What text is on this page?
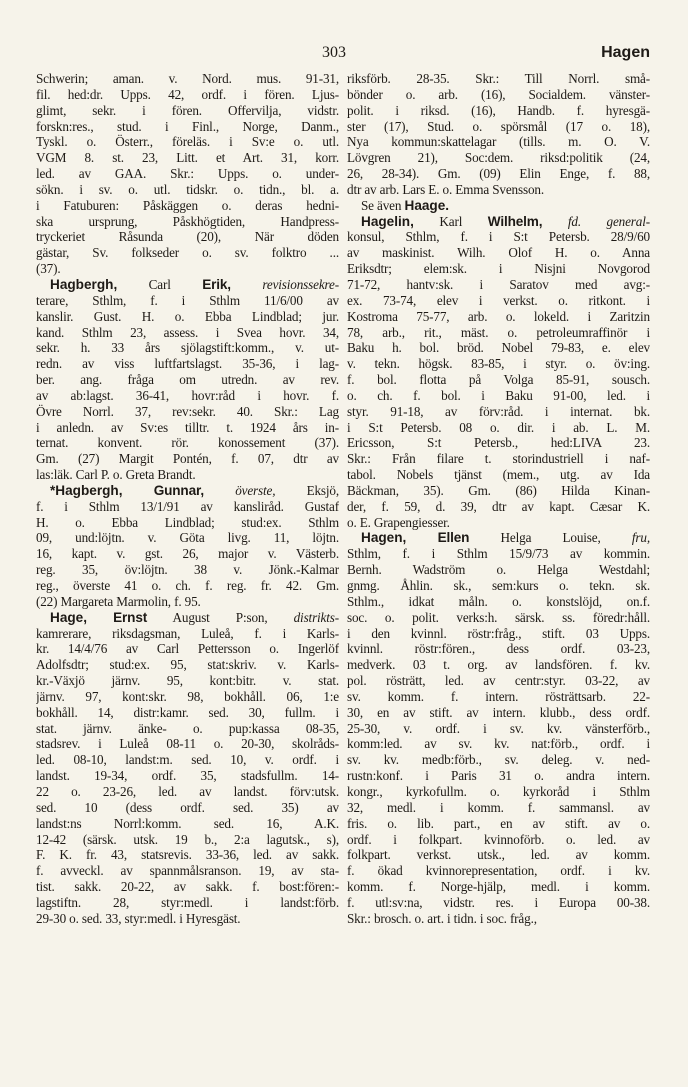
303	Hagen
Schwerin; aman. v. Nord. mus. 91-31,
fil. hed:dr. Upps. 42, ordf. i fören. Ljus-
glimt, sekr. i fören. Offervilja, vidstr.
forskn:res., stud. i Finl., Norge, Danm.,
Tyskl. o. Österr., föreläs. i Sv:e o. utl.
VGM 8. st. 23, Litt. et Art. 31, korr.
led. av GAA. Skr.: Upps. o. under-
sökn. i sv. o. utl. tidskr. o. tidn., bl. a.
i Fatuburen: Påskäggen o. deras hedni-
ska ursprung, Påskhögtiden, Handpress-
tryckeriet Råsunda (20), När döden
gästar, Sv. folkseder o. sv. folktro ...
(37).
Hagbergh, Carl Erik, revisionssekre-
terare, Sthlm, f. i Sthlm 11/6/00 av
kanslir. Gust. H. o. Ebba Lindblad; jur.
kand. Sthlm 23, assess. i Svea hovr. 34,
sekr. h. 33 års sjölagstift:komm., v. ut-
redn. av viss luftfartslagst. 35-36, i lag-
ber. ang. fråga om utredn. av rev.
av ab:lagst. 36-41, hovr:råd i hovr. f.
Övre Norrl. 37, rev:sekr. 40. Skr.: Lag
i anledn. av Sv:es tilltr. t. 1924 års in-
ternat. konvent. rör. konossement (37).
Gm. (27) Margit Pontén, f. 07, dtr av
las:läk. Carl P. o. Greta Brandt.
*Hagbergh, Gunnar, överste, Eksjö,
f. i Sthlm 13/1/91 av kansliråd. Gustaf
H. o. Ebba Lindblad; stud:ex. Sthlm
09, und:löjtn. v. Göta livg. 11, löjtn.
16, kapt. v. gst. 26, major v. Västerb.
reg. 35, öv:löjtn. 38 v. Jönk.-Kalmar
reg., överste 41 o. ch. f. reg. fr. 42. Gm.
(22) Margareta Marmolin, f. 95.
Hage, Ernst August P:son, distrikts-
kamrerare, riksdagsman, Luleå, f. i Karls-
kr. 14/4/76 av Carl Pettersson o. Ingerlöf
Adolfsdtr; stud:ex. 95, stat:skriv. v. Karls-
kr.-Växjö järnv. 95, kont:bitr. v. stat.
järnv. 97, kont:skr. 98, bokhåll. 06, 1:e
bokhåll. 14, distr:kamr. sed. 30, fullm. i
stat. järnv. änke- o. pup:kassa 08-35,
stadsrev. i Luleå 08-11 o. 20-30, skolråds-
led. 08-10, landst:m. sed. 10, v. ordf. i
landst. 19-34, ordf. 35, stadsfullm. 14-
22 o. 23-26, led. av landst. förv:utsk.
sed. 10 (dess ordf. sed. 35) av
landst:ns Norrl:komm. sed. 16, A.K.
12-42 (särsk. utsk. 19 b., 2:a lagutsk., s),
F. K. fr. 43, statsrevis. 33-36, led. av sakk.
f. avveckl. av spannmålsranson. 19, av sta-
tist. sakk. 20-22, av sakk. f. bost:fören:-
lagstiftn. 28, styr:medl. i landst:förb.
29-30 o. sed. 33, styr:medl. i Hyresgäst.
riksförb. 28-35. Skr.: Till Norrl. små-
bönder o. arb. (16), Socialdem. vänster-
polit. i riksd. (16), Handb. f. hyresgä-
ster (17), Stud. o. spörsmål (17 o. 18),
Nya kommun:skattelagar (tills. m. O. V.
Lövgren 21), Soc:dem. riksd:politik (24,
26, 28-34). Gm. (09) Elin Enge, f. 88,
dtr av arb. Lars E. o. Emma Svensson.
Se även Haage.
Hagelin, Karl Wilhelm, fd. general-
konsul, Sthlm, f. i S:t Petersb. 28/9/60
av maskinist. Wilh. Olof H. o. Anna
Eriksdtr; elem:sk. i Nisjni Novgorod
71-72, hantv:sk. i Saratov med avg:-
ex. 73-74, elev i verkst. o. ritkont. i
Kostroma 75-77, arb. o. lokeld. i Zaritzin
78, arb., rit., mäst. o. petroleumraffinör i
Baku h. bol. bröd. Nobel 79-83, e. elev
v. tekn. högsk. 83-85, i styr. o. öv:ing.
f. bol. flotta på Volga 85-91, sousch.
o. ch. f. bol. i Baku 91-00, led. i
styr. 91-18, av förv:råd. i internat. bk.
i S:t Petersb. 08 o. dir. i ab. L. M.
Ericsson, S:t Petersb., hed:LIVA 23.
Skr.: Från filare t. storindustriell i naf-
tabol. Nobels tjänst (mem., utg. av Ida
Bäckman, 35). Gm. (86) Hilda Kinan-
der, f. 59, d. 39, dtr av kapt. Cæsar K.
o. E. Grapengiesser.
Hagen, Ellen Helga Louise, fru,
Sthlm, f. i Sthlm 15/9/73 av kommin.
Bernh. Wadström o. Helga Westdahl;
gnmg. Åhlin. sk., sem:kurs o. tekn. sk.
Sthlm., idkat måln. o. konstslöjd, on.f.
soc. o. polit. verks:h. särsk. ss. föredr:håll.
i den kvinnl. röstr:fråg., stift. 03 Upps.
kvinnl. röstr:fören., dess ordf. 03-23,
medverk. 03 t. org. av landsfören. f. kv.
pol. rösträtt, led. av centr:styr. 03-22, av
sv. komm. f. intern. rösträttsarb. 22-
30, en av stift. av intern. klubb., dess ordf.
25-30, v. ordf. i sv. kv. vänsterförb.,
komm:led. av sv. kv. nat:förb., ordf. i
sv. kv. medb:förb., sv. deleg. v. ned-
rustn:konf. i Paris 31 o. andra intern.
kongr., kyrkofullm. o. kyrkoråd i Sthlm
32, medl. i komm. f. sammansl. av
fris. o. lib. part., en av stift. av o.
ordf. i folkpart. kvinnoförb. o. led. av
folkpart. verkst. utsk., led. av komm.
f. ökad kvinnorepresentation, ordf. i kv.
komm. f. Norge-hjälp, medl. i komm.
f. utl:sv:na, vidstr. res. i Europa 00-38.
Skr.: brosch. o. art. i tidn. i soc. fråg.,
